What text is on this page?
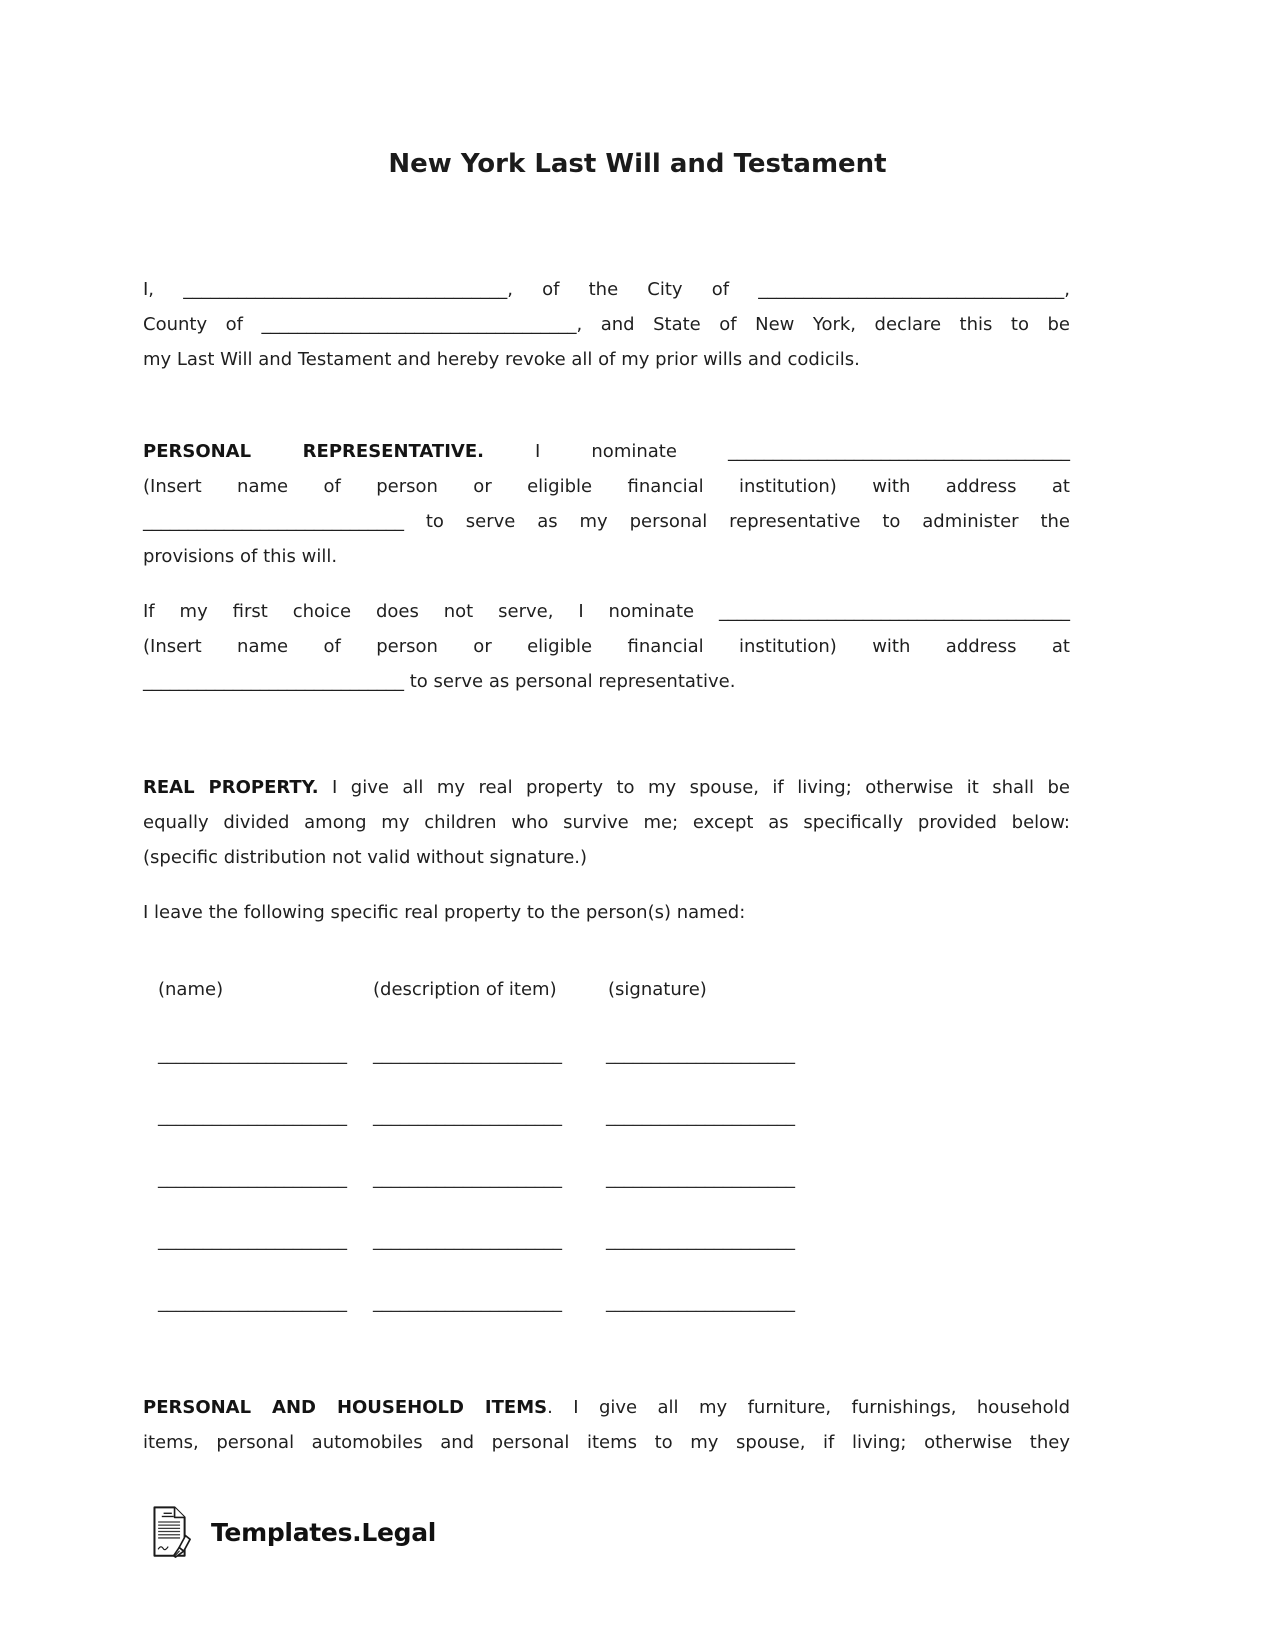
New York Last Will and Testament
I, ____________________________________, of the City of __________________________________,
County of ___________________________________, and State of New York, declare this to be
my Last Will and Testament and hereby revoke all of my prior wills and codicils.
PERSONAL REPRESENTATIVE. I nominate ______________________________________
(Insert name of person or eligible financial institution) with address at
_____________________________ to serve as my personal representative to administer the
provisions of this will.
If my first choice does not serve, I nominate _______________________________________
(Insert name of person or eligible financial institution) with address at
_____________________________ to serve as personal representative.
REAL PROPERTY. I give all my real property to my spouse, if living; otherwise it shall be
equally divided among my children who survive me; except as specifically provided below:
(specific distribution not valid without signature.)
I leave the following specific real property to the person(s) named:
(name)	(description of item)	(signature)
_____________________ _____________________ _____________________
_____________________ _____________________ _____________________
_____________________ _____________________ _____________________
_____________________ _____________________ _____________________
_____________________ _____________________ _____________________
PERSONAL AND HOUSEHOLD ITEMS. I give all my furniture, furnishings, household
items, personal automobiles and personal items to my spouse, if living; otherwise they
Templates.Legal
